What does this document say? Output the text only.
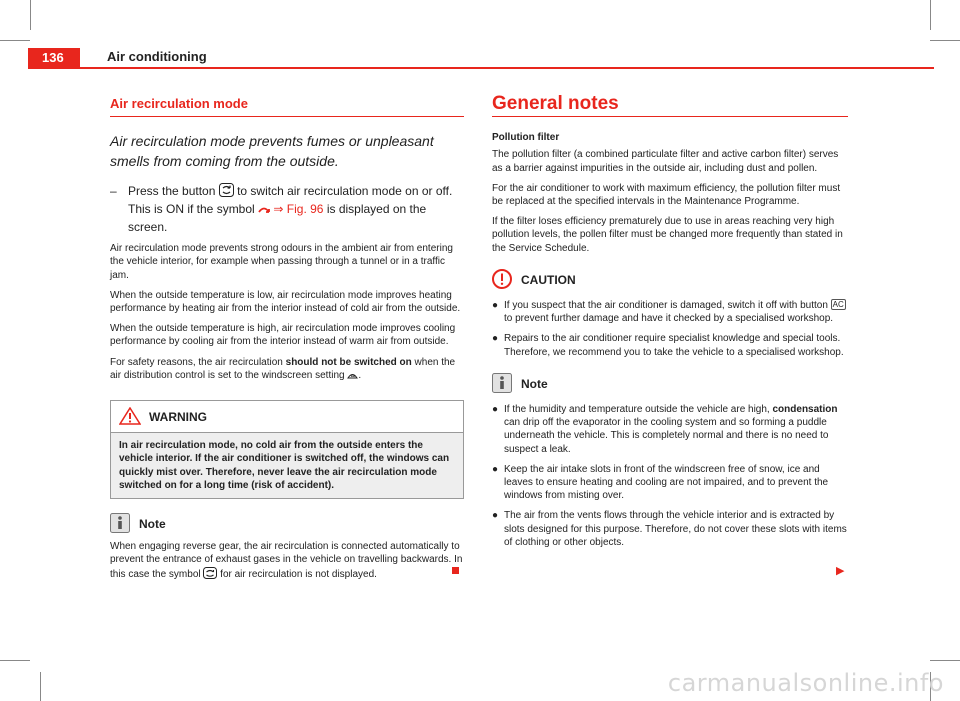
136	Air conditioning
Air recirculation mode
Air recirculation mode prevents fumes or unpleasant smells from coming from the outside.
– Press the button to switch air recirculation mode on or off. This is ON if the symbol ⇒ Fig. 96 is displayed on the screen.

Air recirculation mode prevents strong odours in the ambient air from entering the vehicle interior, for example when passing through a tunnel or in a traffic jam.

When the outside temperature is low, air recirculation mode improves heating performance by heating air from the interior instead of cold air from the outside.

When the outside temperature is high, air recirculation mode improves cooling performance by cooling air from the interior instead of warm air from outside.

For safety reasons, the air recirculation should not be switched on when the air distribution control is set to the windscreen setting .

WARNING
In air recirculation mode, no cold air from the outside enters the vehicle interior. If the air conditioner is switched off, the windows can quickly mist over. Therefore, never leave the air recirculation mode switched on for a long time (risk of accident).
Note

When engaging reverse gear, the air recirculation is connected automatically to prevent the entrance of exhaust gases in the vehicle on travelling backwards. In this case the symbol for air recirculation is not displayed.

General notes
Pollution filter

The pollution filter (a combined particulate filter and active carbon filter) serves as a barrier against impurities in the outside air, including dust and pollen.

For the air conditioner to work with maximum efficiency, the pollution filter must be replaced at the specified intervals in the Maintenance Programme.

If the filter loses efficiency prematurely due to use in areas reaching very high pollution levels, the pollen filter must be changed more frequently than stated in the Service Schedule.

CAUTION
● If you suspect that the air conditioner is damaged, switch it off with button AC to prevent further damage and have it checked by a specialised workshop.
● Repairs to the air conditioner require specialist knowledge and special tools. Therefore, we recommend you to take the vehicle to a specialised workshop.
Note
● If the humidity and temperature outside the vehicle are high, condensation can drip off the evaporator in the cooling system and so forming a puddle underneath the vehicle. This is completely normal and there is no need to suspect a leak.
● Keep the air intake slots in front of the windscreen free of snow, ice and leaves to ensure heating and cooling are not impaired, and to prevent the windows from misting over.
● The air from the vents flows through the vehicle interior and is extracted by slots designed for this purpose. Therefore, do not cover these slots with items of clothing or other objects.
▶
carmanualsonline.info
